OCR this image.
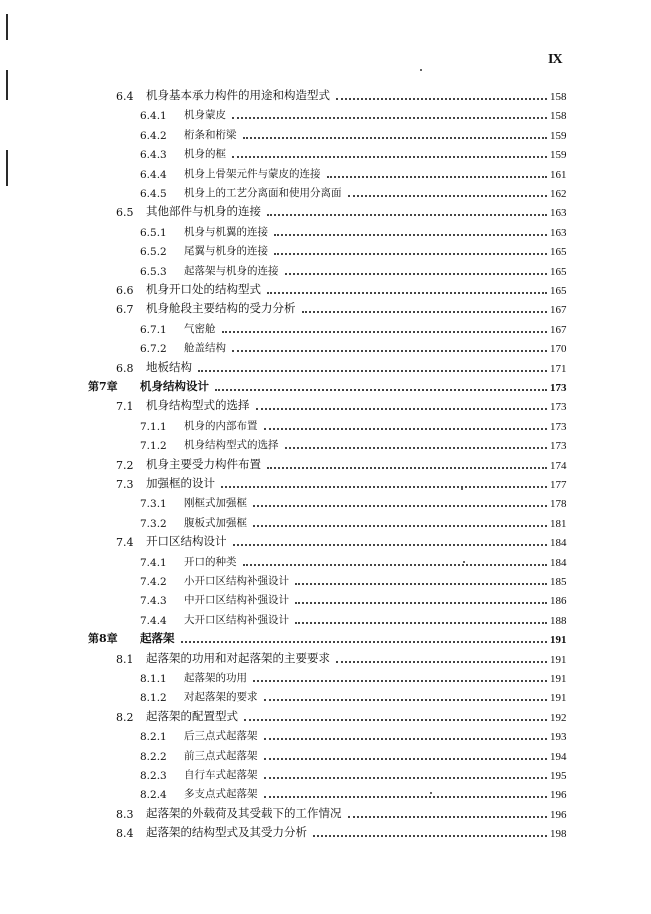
IX
6.4	机身基本承力构件的用途和构造型式	158
6.4.1	机身蒙皮	158
6.4.2	桁条和桁梁	159
6.4.3	机身的框	159
6.4.4	机身上骨架元件与蒙皮的连接	161
6.4.5	机身上的工艺分离面和使用分离面	162
6.5	其他部件与机身的连接	163
6.5.1	机身与机翼的连接	163
6.5.2	尾翼与机身的连接	165
6.5.3	起落架与机身的连接	165
6.6	机身开口处的结构型式	165
6.7	机身舱段主要结构的受力分析	167
6.7.1	气密舱	167
6.7.2	舱盖结构	170
6.8	地板结构	171
第7章	机身结构设计	173
7.1	机身结构型式的选择	173
7.1.1	机身的内部布置	173
7.1.2	机身结构型式的选择	173
7.2	机身主要受力构件布置	174
7.3	加强框的设计	177
7.3.1	刚框式加强框	178
7.3.2	腹板式加强框	181
7.4	开口区结构设计	184
7.4.1	开口的种类	184
7.4.2	小开口区结构补强设计	185
7.4.3	中开口区结构补强设计	186
7.4.4	大开口区结构补强设计	188
第8章	起落架	191
8.1	起落架的功用和对起落架的主要要求	191
8.1.1	起落架的功用	191
8.1.2	对起落架的要求	191
8.2	起落架的配置型式	192
8.2.1	后三点式起落架	193
8.2.2	前三点式起落架	194
8.2.3	自行车式起落架	195
8.2.4	多支点式起落架	196
8.3	起落架的外载荷及其受载下的工作情况	196
8.4	起落架的结构型式及其受力分析	198
